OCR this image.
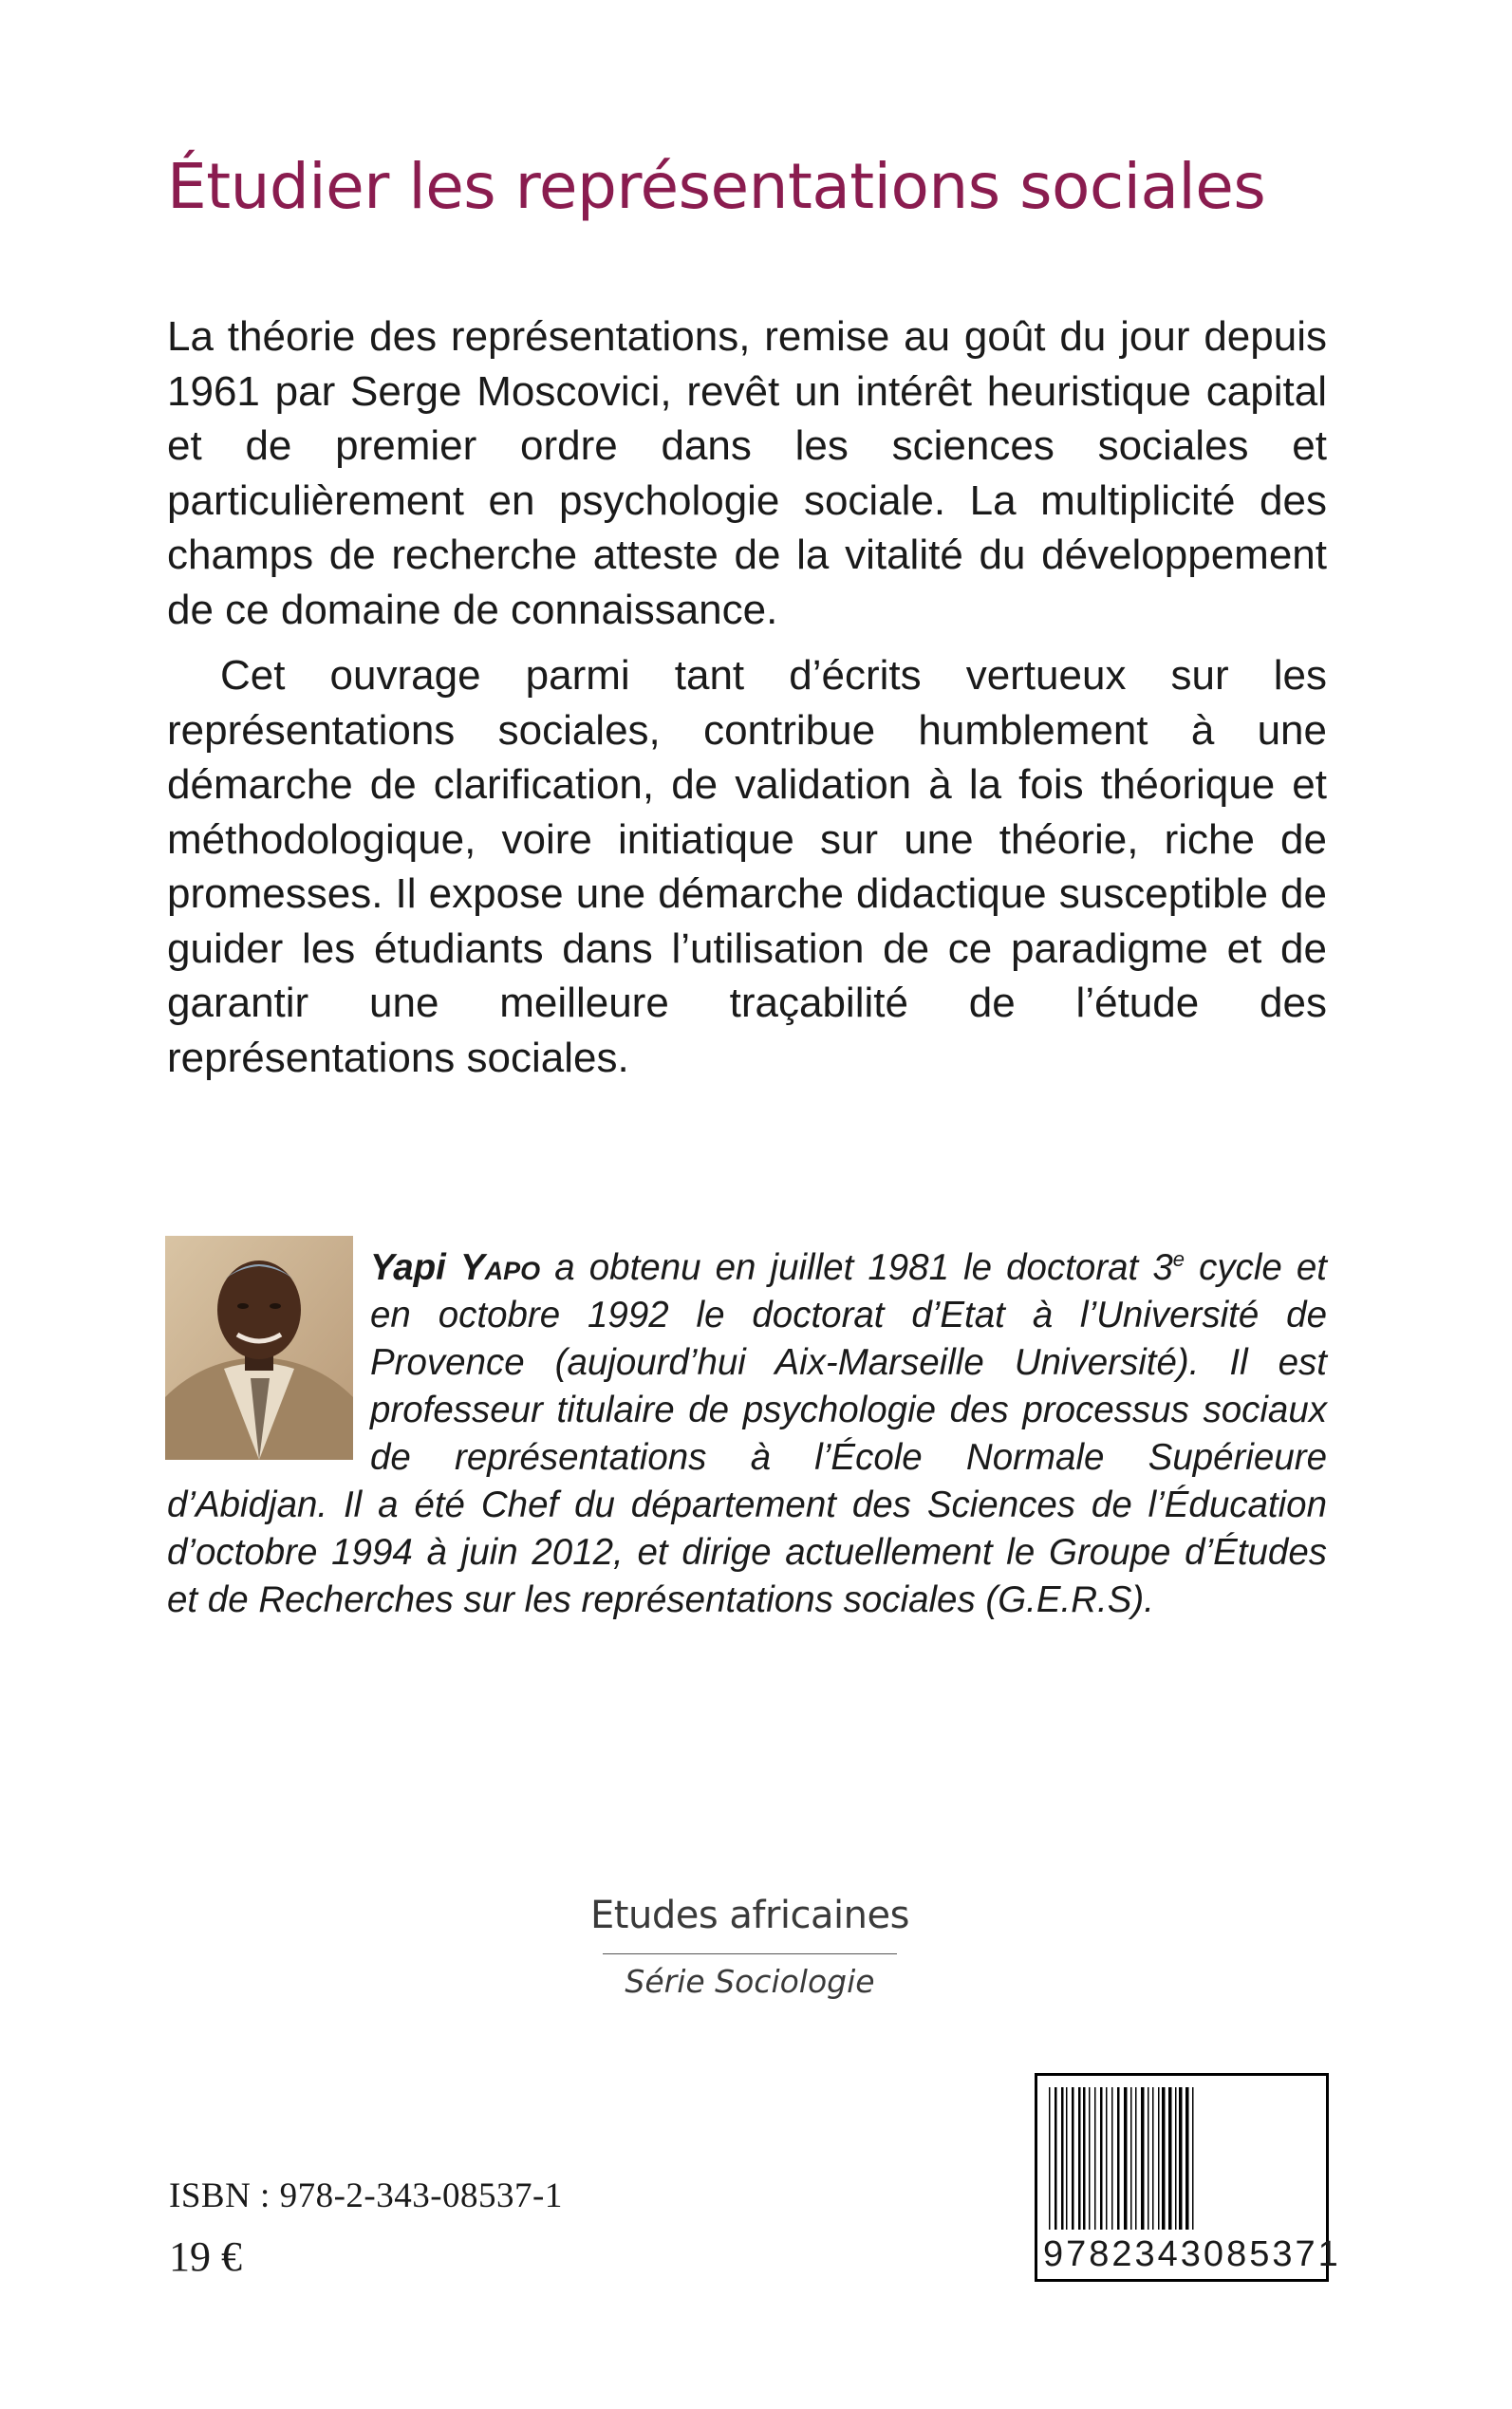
Étudier les représentations sociales

La théorie des représentations, remise au goût du jour depuis 1961 par Serge Moscovici, revêt un intérêt heuristique capital et de premier ordre dans les sciences sociales et particulièrement en psychologie sociale. La multiplicité des champs de recherche atteste de la vitalité du développement de ce domaine de connaissance.

Cet ouvrage parmi tant d’écrits vertueux sur les représentations sociales, contribue humblement à une démarche de clarification, de validation à la fois théorique et méthodologique, voire initiatique sur une théorie, riche de promesses. Il expose une démarche didactique susceptible de guider les étudiants dans l’utilisation de ce paradigme et de garantir une meilleure traçabilité de l’étude des représentations sociales.

Yapi Yapo a obtenu en juillet 1981 le doctorat 3e cycle et en octobre 1992 le doctorat d’Etat à l’Université de Provence (aujourd’hui Aix-Marseille Université). Il est professeur titulaire de psychologie des processus sociaux de représentations à l’École Normale Supérieure d’Abidjan. Il a été Chef du département des Sciences de l’Éducation d’octobre 1994 à juin 2012, et dirige actuellement le Groupe d’Études et de Recherches sur les représentations sociales (G.E.R.S).

Etudes africaines

Série Sociologie

ISBN : 978-2-343-08537-1

19 €	9782343085371
